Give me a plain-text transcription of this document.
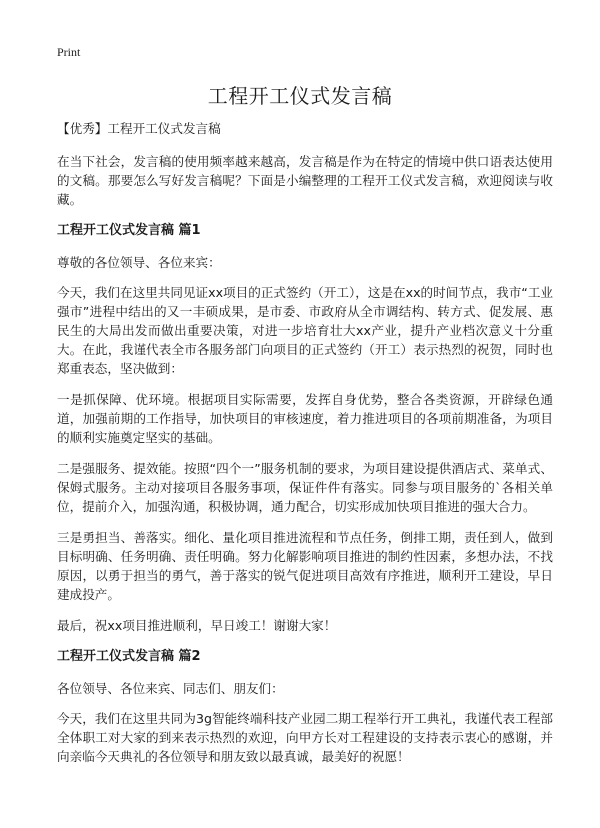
Print
工程开工仪式发言稿

【优秀】工程开工仪式发言稿

在当下社会，发言稿的使用频率越来越高，发言稿是作为在特定的情境中供口语表达使用的文稿。那要怎么写好发言稿呢？下面是小编整理的工程开工仪式发言稿，欢迎阅读与收藏。

工程开工仪式发言稿 篇1

尊敬的各位领导、各位来宾：

今天，我们在这里共同见证xx项目的正式签约（开工），这是在xx的时间节点，我市“工业强市”进程中结出的又一丰硕成果，是市委、市政府从全市调结构、转方式、促发展、惠民生的大局出发而做出重要决策，对进一步培育壮大xx产业，提升产业档次意义十分重大。在此，我谨代表全市各服务部门向项目的正式签约（开工）表示热烈的祝贺，同时也郑重表态，坚决做到：

一是抓保障、优环境。根据项目实际需要，发挥自身优势，整合各类资源，开辟绿色通道，加强前期的工作指导，加快项目的审核速度，着力推进项目的各项前期准备，为项目的顺利实施奠定坚实的基础。

二是强服务、提效能。按照“四个一”服务机制的要求，为项目建设提供酒店式、菜单式、保姆式服务。主动对接项目各服务事项，保证件件有落实。同参与项目服务的`各相关单位，提前介入，加强沟通，积极协调，通力配合，切实形成加快项目推进的强大合力。

三是勇担当、善落实。细化、量化项目推进流程和节点任务，倒排工期，责任到人，做到目标明确、任务明确、责任明确。努力化解影响项目推进的制约性因素，多想办法，不找原因，以勇于担当的勇气，善于落实的锐气促进项目高效有序推进，顺利开工建设，早日建成投产。

最后，祝xx项目推进顺利，早日竣工！谢谢大家！

工程开工仪式发言稿 篇2

各位领导、各位来宾、同志们、朋友们：

今天，我们在这里共同为3g智能终端科技产业园二期工程举行开工典礼，我谨代表工程部全体职工对大家的到来表示热烈的欢迎，向甲方长对工程建设的支持表示衷心的感谢，并向亲临今天典礼的各位领导和朋友致以最真诚，最美好的祝愿！
